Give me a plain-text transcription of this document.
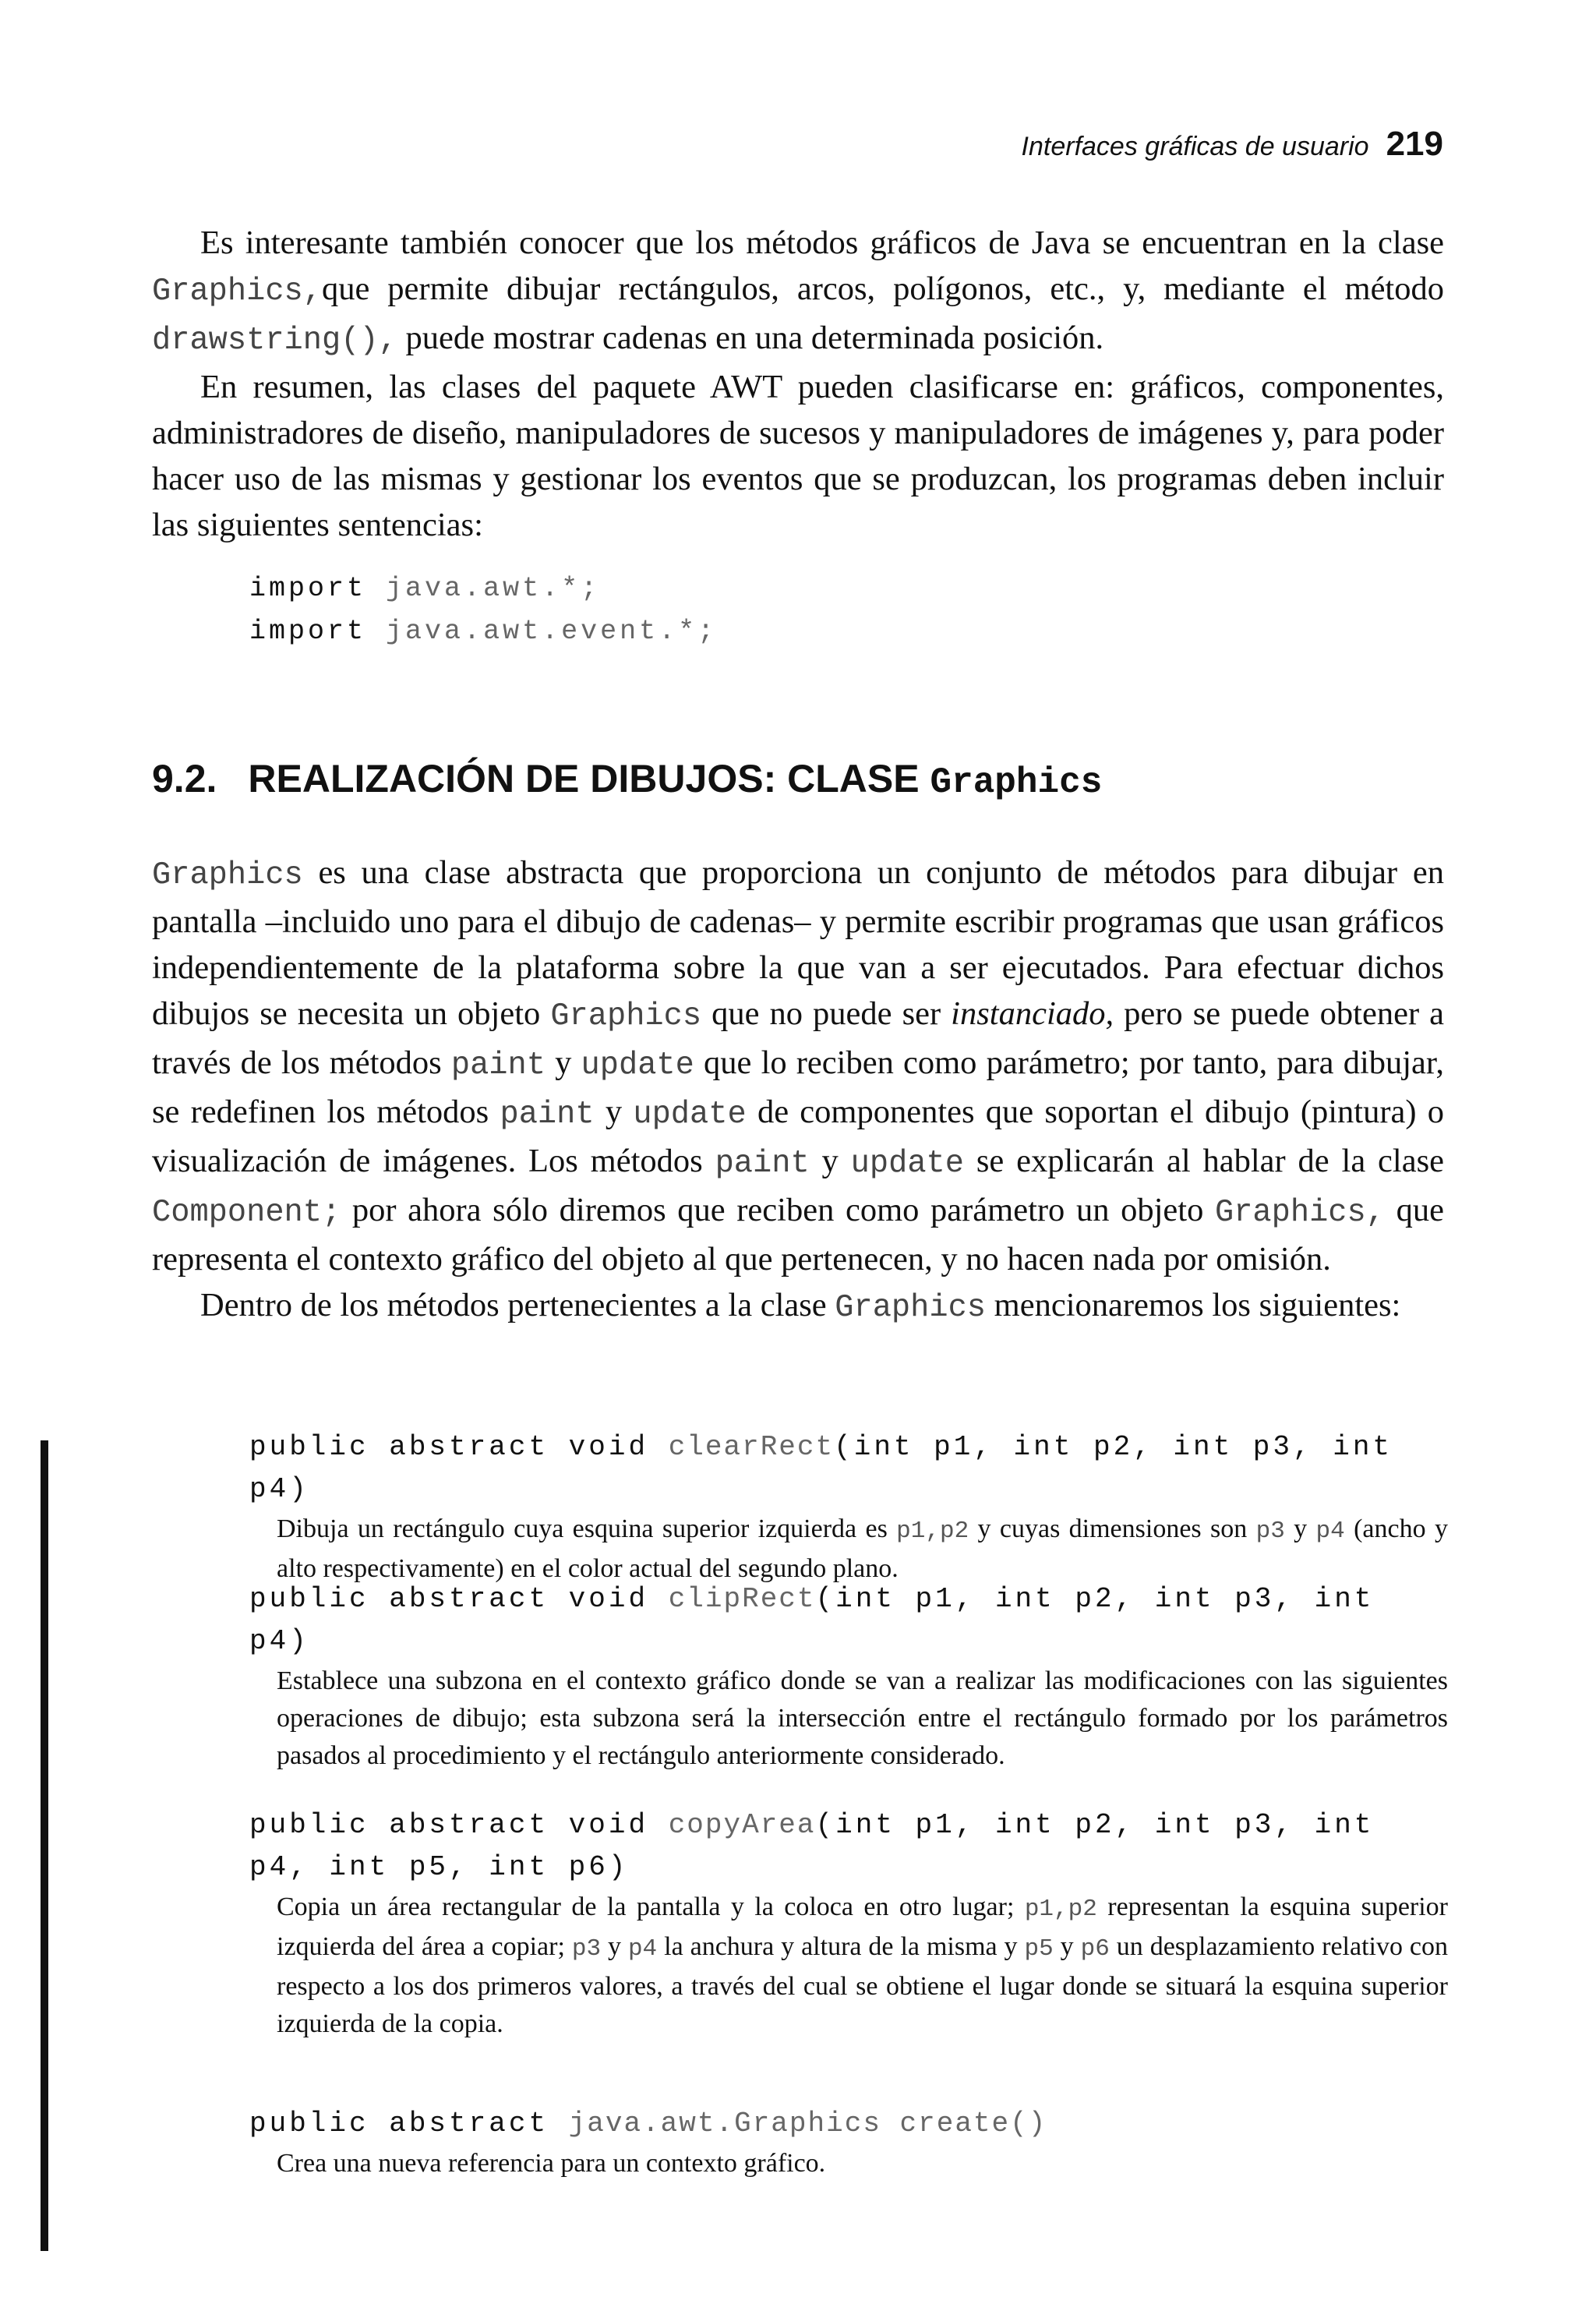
Interfaces gráficas de usuario 219

Es interesante también conocer que los métodos gráficos de Java se encuentran en la clase Graphics,que permite dibujar rectángulos, arcos, polígonos, etc., y, mediante el método drawstring(), puede mostrar cadenas en una determinada posición.

En resumen, las clases del paquete AWT pueden clasificarse en: gráficos, componentes, administradores de diseño, manipuladores de sucesos y manipuladores de imágenes y, para poder hacer uso de las mismas y gestionar los eventos que se produzcan, los programas deben incluir las siguientes sentencias:

import java.awt.*;
import java.awt.event.*;
9.2. REALIZACIÓN DE DIBUJOS: CLASE Graphics

Graphics es una clase abstracta que proporciona un conjunto de métodos para dibujar en pantalla –incluido uno para el dibujo de cadenas– y permite escribir programas que usan gráficos independientemente de la plataforma sobre la que van a ser ejecutados. Para efectuar dichos dibujos se necesita un objeto Graphics que no puede ser instanciado, pero se puede obtener a través de los métodos paint y update que lo reciben como parámetro; por tanto, para dibujar, se redefinen los métodos paint y update de componentes que soportan el dibujo (pintura) o visualización de imágenes. Los métodos paint y update se explicarán al hablar de la clase Component; por ahora sólo diremos que reciben como parámetro un objeto Graphics, que representa el contexto gráfico del objeto al que pertenecen, y no hacen nada por omisión.

Dentro de los métodos pertenecientes a la clase Graphics mencionaremos los siguientes:

public abstract void clearRect(int p1, int p2, int p3, int p4)
Dibuja un rectángulo cuya esquina superior izquierda es p1,p2 y cuyas dimensiones son p3 y p4 (ancho y alto respectivamente) en el color actual del segundo plano.
public abstract void clipRect(int p1, int p2, int p3, int p4)
Establece una subzona en el contexto gráfico donde se van a realizar las modificaciones con las siguientes operaciones de dibujo; esta subzona será la intersección entre el rectángulo formado por los parámetros pasados al procedimiento y el rectángulo anteriormente considerado.
public abstract void copyArea(int p1, int p2, int p3, int p4, int p5, int p6)
Copia un área rectangular de la pantalla y la coloca en otro lugar; p1,p2 representan la esquina superior izquierda del área a copiar; p3 y p4 la anchura y altura de la misma y p5 y p6 un desplazamiento relativo con respecto a los dos primeros valores, a través del cual se obtiene el lugar donde se situará la esquina superior izquierda de la copia.
public abstract java.awt.Graphics create()
Crea una nueva referencia para un contexto gráfico.
